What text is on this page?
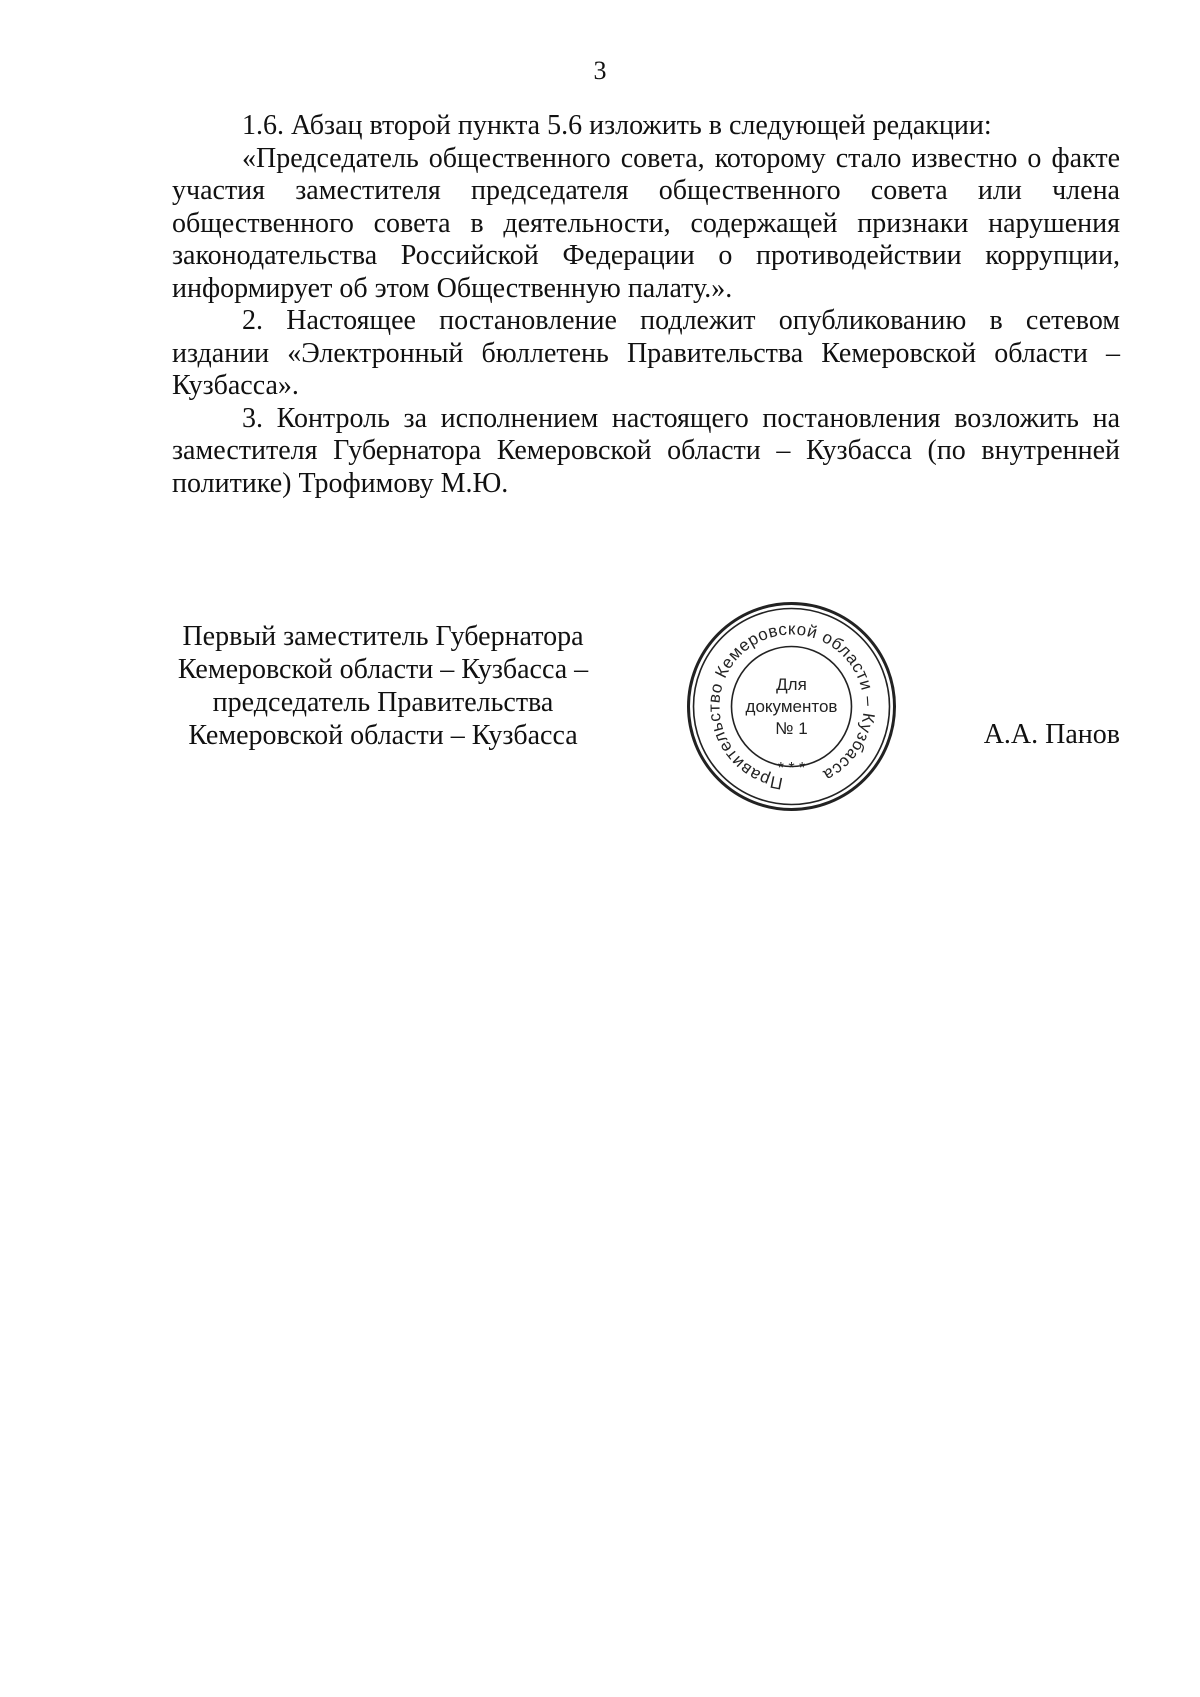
3

1.6. Абзац второй пункта 5.6 изложить в следующей редакции:

«Председатель общественного совета, которому стало известно о факте участия заместителя председателя общественного совета или члена общественного совета в деятельности, содержащей признаки нарушения законодательства Российской Федерации о противодействии коррупции, информирует об этом Общественную палату.».

2. Настоящее постановление подлежит опубликованию в сетевом издании «Электронный бюллетень Правительства Кемеровской области – Кузбасса».

3. Контроль за исполнением настоящего постановления возложить на заместителя Губернатора Кемеровской области – Кузбасса (по внутренней политике) Трофимову М.Ю.

Первый заместитель Губернатора
Кемеровской области – Кузбасса –
председатель Правительства
Кемеровской области – Кузбасса	А.А. Панов
Правительство Кемеровской области – Кузбасса
Для
документов
№ 1
* * *
